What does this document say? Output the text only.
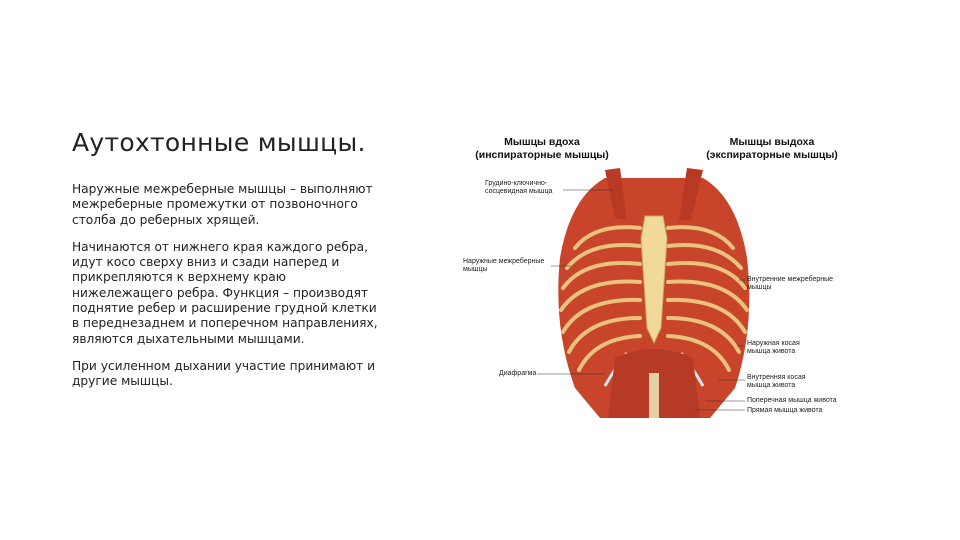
Аутохтонные мышцы.

Наружные межреберные мышцы – выполняют межреберные промежутки от позвоночного столба до реберных хрящей.

Начинаются от нижнего края каждого ребра, идут косо сверху вниз и сзади наперед и прикрепляются к верхнему краю нижележащего ребра. Функция – производят поднятие ребер и расширение грудной клетки в переднезаднем и поперечном направлениях, являются дыхательными мышцами.

При усиленном дыхании участие принимают и другие мышцы.

Мышцы вдоха
(инспираторные мышцы)
Мышцы выдоха
(экспираторные мышцы)
Грудино-ключично-
сосцевидная мышца
Наружные межреберные
мышцы
Диафрагма
Внутренние межреберные
мышцы
Наружная косая
мышца живота
Внутренняя косая
мышца живота
Поперечная мышца живота
Прямая мышца живота
